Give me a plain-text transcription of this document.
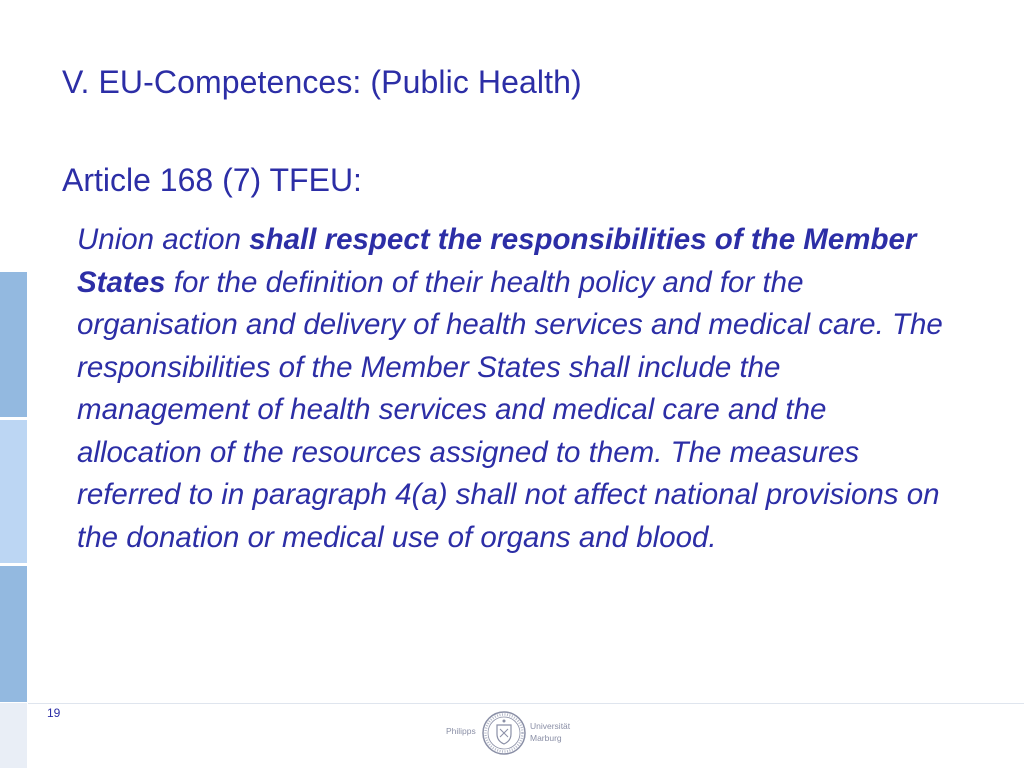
V. EU-Competences: (Public Health)
Article 168 (7) TFEU:

Union action shall respect the responsibilities of the Member States for the definition of their health policy and for the organisation and delivery of health services and medical care. The responsibilities of the Member States shall include the management of health services and medical care and the allocation of the resources assigned to them. The measures referred to in paragraph 4(a) shall not affect national provisions on the donation or medical use of organs and blood.

19
Philipps	Universität
Marburg
